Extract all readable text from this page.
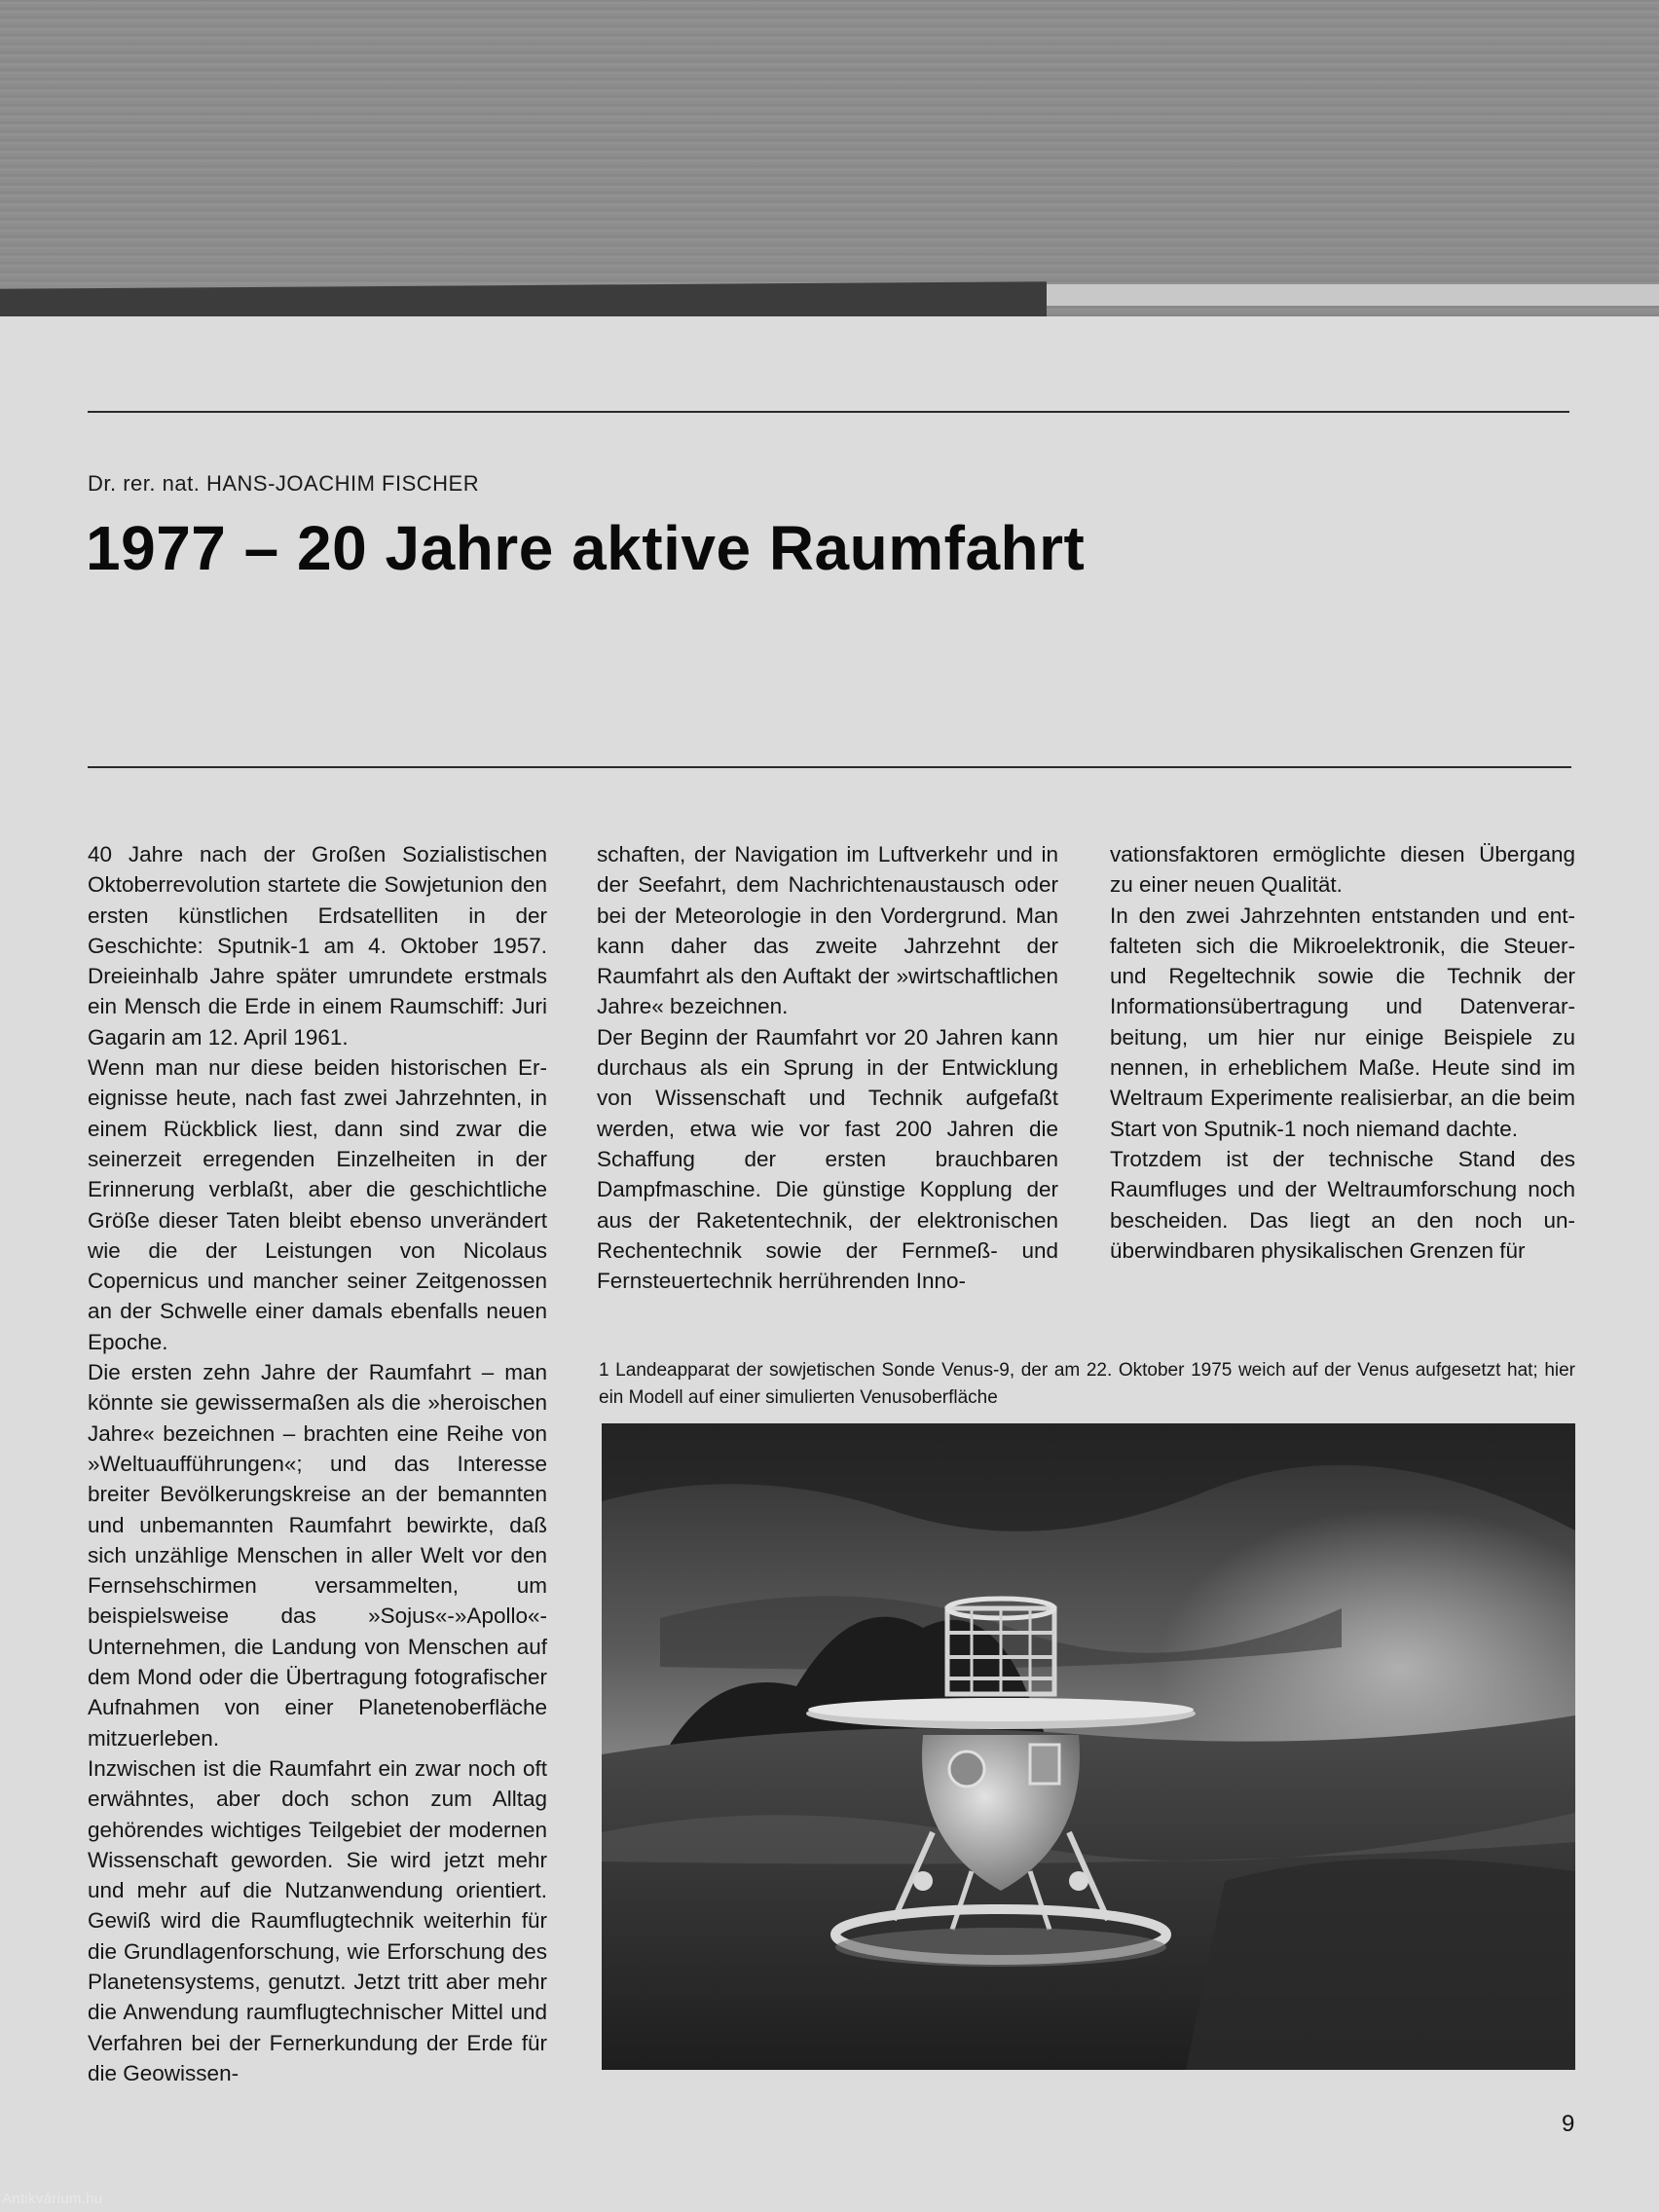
Dr. rer. nat. HANS-JOACHIM FISCHER
1977 – 20 Jahre aktive Raumfahrt

40 Jahre nach der Großen Sozialistischen Oktoberrevolution startete die Sowjetunion den ersten künstlichen Erdsatelliten in der Geschichte: Sputnik-1 am 4. Oktober 1957. Dreieinhalb Jahre später umrundete erstmals ein Mensch die Erde in einem Raumschiff: Juri Gagarin am 12. April 1961.

Wenn man nur diese beiden historischen Ereignisse heute, nach fast zwei Jahrzehnten, in einem Rückblick liest, dann sind zwar die seinerzeit erregenden Einzelheiten in der Erinnerung verblaßt, aber die geschichtliche Größe dieser Taten bleibt ebenso unverändert wie die der Leistungen von Nicolaus Copernicus und mancher seiner Zeitgenossen an der Schwelle einer damals ebenfalls neuen Epoche.

Die ersten zehn Jahre der Raumfahrt – man könnte sie gewissermaßen als die »heroischen Jahre« bezeichnen – brachten eine Reihe von »Weltuaufführungen«; und das Interesse breiter Bevölkerungskreise an der bemannten und unbemannten Raumfahrt bewirkte, daß sich unzählige Menschen in aller Welt vor den Fernsehschirmen versammelten, um beispielsweise das »Sojus«-»Apollo«-Unternehmen, die Landung von Menschen auf dem Mond oder die Übertragung fotografischer Aufnahmen von einer Planetenoberfläche mitzuerleben.

Inzwischen ist die Raumfahrt ein zwar noch oft erwähntes, aber doch schon zum Alltag gehörendes wichtiges Teilgebiet der modernen Wissenschaft geworden. Sie wird jetzt mehr und mehr auf die Nutzanwendung orientiert. Gewiß wird die Raumflugtechnik weiterhin für die Grundlagenforschung, wie Erforschung des Planetensystems, genutzt. Jetzt tritt aber mehr die Anwendung raumflugtechnischer Mittel und Verfahren bei der Fernerkundung der Erde für die Geowissen-

schaften, der Navigation im Luftverkehr und in der Seefahrt, dem Nachrichtenaustausch oder bei der Meteorologie in den Vordergrund. Man kann daher das zweite Jahrzehnt der Raumfahrt als den Auftakt der »wirtschaftlichen Jahre« bezeichnen.

Der Beginn der Raumfahrt vor 20 Jahren kann durchaus als ein Sprung in der Entwicklung von Wissenschaft und Technik aufgefaßt werden, etwa wie vor fast 200 Jahren die Schaffung der ersten brauchbaren Dampfmaschine. Die günstige Kopplung der aus der Raketentechnik, der elektronischen Rechentechnik sowie der Fernmeß- und Fernsteuertechnik herrührenden Inno-

vationsfaktoren ermöglichte diesen Übergang zu einer neuen Qualität.

In den zwei Jahrzehnten entstanden und entfalteten sich die Mikroelektronik, die Steuer- und Regeltechnik sowie die Technik der Informationsübertragung und Datenverarbeitung, um hier nur einige Beispiele zu nennen, in erheblichem Maße. Heute sind im Weltraum Experimente realisierbar, an die beim Start von Sputnik-1 noch niemand dachte.

Trotzdem ist der technische Stand des Raumfluges und der Weltraumforschung noch bescheiden. Das liegt an den noch unüberwindbaren physikalischen Grenzen für

1 Landeapparat der sowjetischen Sonde Venus-9, der am 22. Oktober 1975 weich auf der Venus aufgesetzt hat; hier ein Modell auf einer simulierten Venusoberfläche
9
Antikvárium.hu
